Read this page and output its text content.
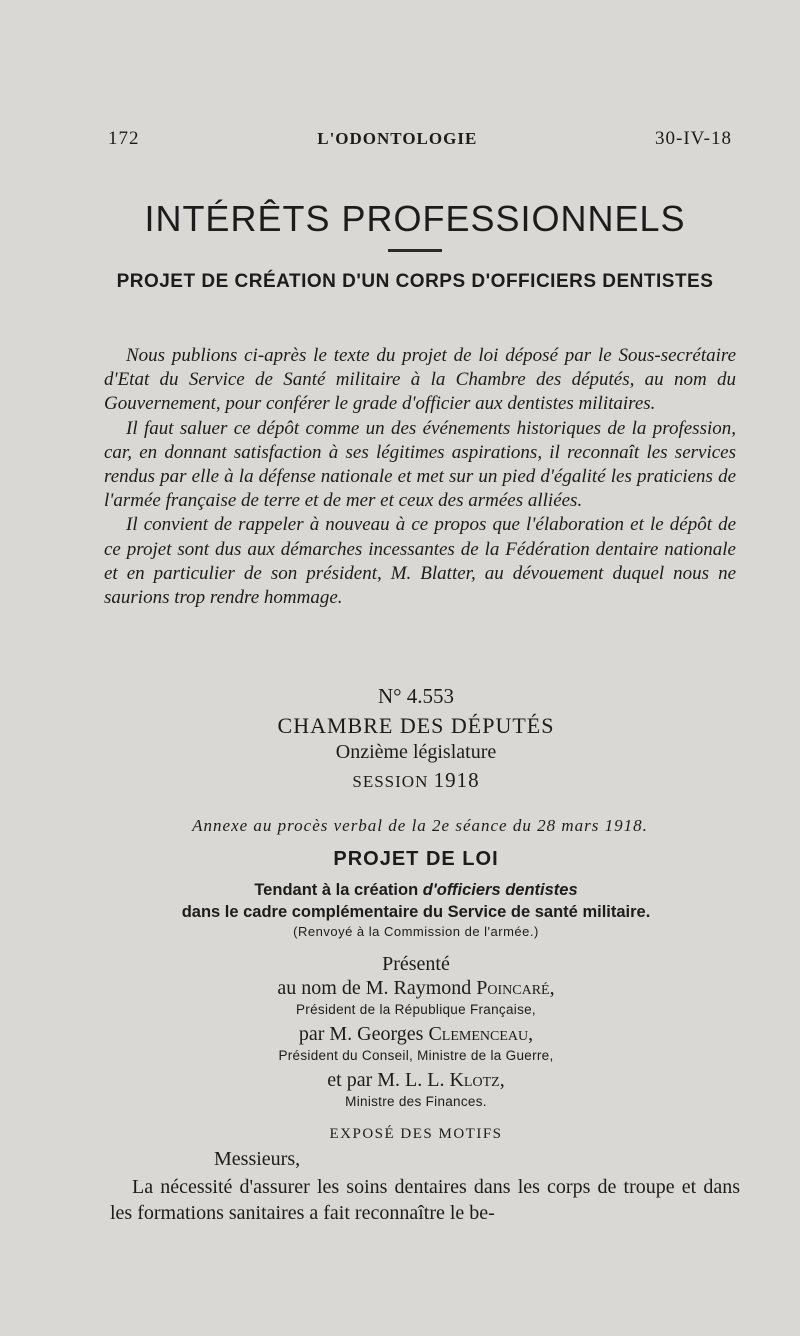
172	L'ODONTOLOGIE	30-IV-18
INTÉRÊTS PROFESSIONNELS
PROJET DE CRÉATION D'UN CORPS D'OFFICIERS DENTISTES

Nous publions ci-après le texte du projet de loi déposé par le Sous-secrétaire d'Etat du Service de Santé militaire à la Chambre des députés, au nom du Gouvernement, pour conférer le grade d'officier aux dentistes militaires.

Il faut saluer ce dépôt comme un des événements historiques de la profession, car, en donnant satisfaction à ses légitimes aspirations, il reconnaît les services rendus par elle à la défense nationale et met sur un pied d'égalité les praticiens de l'armée française de terre et de mer et ceux des armées alliées.

Il convient de rappeler à nouveau à ce propos que l'élaboration et le dépôt de ce projet sont dus aux démarches incessantes de la Fédération dentaire nationale et en particulier de son président, M. Blatter, au dévouement duquel nous ne saurions trop rendre hommage.

N° 4.553
CHAMBRE DES DÉPUTÉS
Onzième législature
SESSION 1918
Annexe au procès verbal de la 2e séance du 28 mars 1918.
PROJET DE LOI
Tendant à la création d'officiers dentistes
dans le cadre complémentaire du Service de santé militaire.
(Renvoyé à la Commission de l'armée.)
Présenté
au nom de M. Raymond Poincaré,
Président de la République Française,
par M. Georges Clemenceau,
Président du Conseil, Ministre de la Guerre,
et par M. L. L. Klotz,
Ministre des Finances.
EXPOSÉ DES MOTIFS
Messieurs,

La nécessité d'assurer les soins dentaires dans les corps de troupe et dans les formations sanitaires a fait reconnaître le be-
